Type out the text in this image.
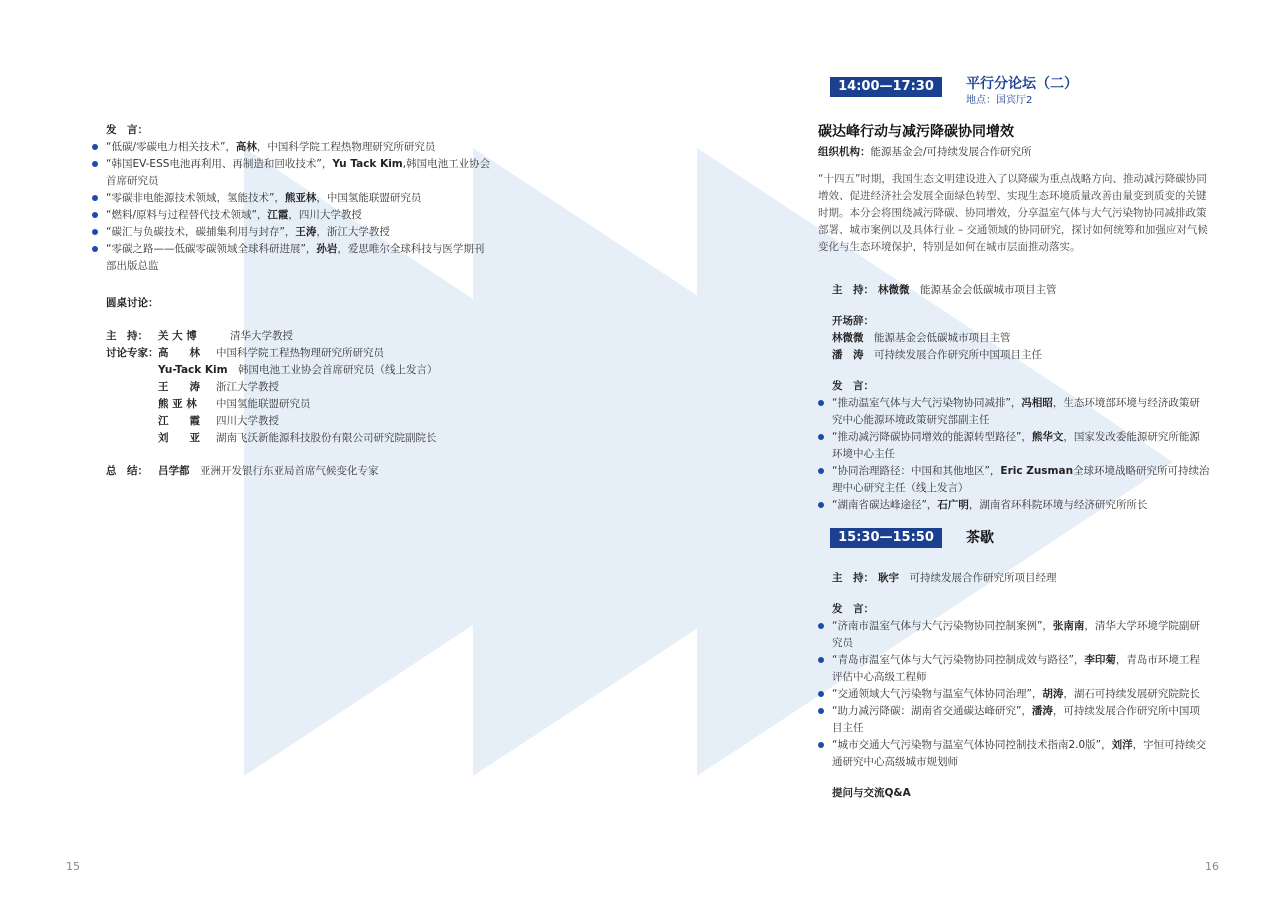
发　言：
“低碳/零碳电力相关技术”，高林，中国科学院工程热物理研究所研究员
“韩国EV-ESS电池再利用、再制造和回收技术”，Yu Tack Kim,韩国电池工业协会首席研究员
“零碳非电能源技术领域，氢能技术”，熊亚林，中国氢能联盟研究员
“燃料/原料与过程替代技术领域”，江霞，四川大学教授
“碳汇与负碳技术，碳捕集利用与封存”，王涛，浙江大学教授
“零碳之路——低碳零碳领域全球科研进展”，孙岩，爱思唯尔全球科技与医学期刊部出版总监
圆桌讨论：
主　持： 关 大 博	清华大学教授
讨论专家：高　　林 中国科学院工程热物理研究所研究员
Yu-Tack Kim 韩国电池工业协会首席研究员（线上发言）
王　　涛 浙江大学教授
熊 亚 林 中国氢能联盟研究员
江　　霞 四川大学教授
刘　　亚 湖南飞沃新能源科技股份有限公司研究院副院长
总　结： 吕学都　 亚洲开发银行东亚局首席气候变化专家
14:00—17:30	平行分论坛（二）
地点：国宾厅2
碳达峰行动与减污降碳协同增效
组织机构：能源基金会/可持续发展合作研究所
“十四五”时期，我国生态文明建设进入了以降碳为重点战略方向、推动减污降碳协同增效、促进经济社会发展全面绿色转型、实现生态环境质量改善由量变到质变的关键时期。本分会将围绕减污降碳、协同增效，分享温室气体与大气污染物协同减排政策部署、城市案例以及具体行业 – 交通领域的协同研究，探讨如何统筹和加强应对气候变化与生态环境保护，特别是如何在城市层面推动落实。
主　持： 林微微　 能源基金会低碳城市项目主管
开场辞：
林微微　 能源基金会低碳城市项目主管
潘　涛　 可持续发展合作研究所中国项目主任
发　言：
“推动温室气体与大气污染物协同减排”，冯相昭，生态环境部环境与经济政策研究中心能源环境政策研究部副主任
“推动减污降碳协同增效的能源转型路径”，熊华文，国家发改委能源研究所能源环境中心主任
“协同治理路径：中国和其他地区”，Eric Zusman全球环境战略研究所可持续治理中心研究主任（线上发言）
“湖南省碳达峰途径”，石广明，湖南省环科院环境与经济研究所所长
15:30—15:50	茶歇
主　持： 耿宇　 可持续发展合作研究所项目经理
发　言：
“济南市温室气体与大气污染物协同控制案例”，张南南，清华大学环境学院副研究员
“青岛市温室气体与大气污染物协同控制成效与路径”，李印菊，青岛市环境工程评估中心高级工程师
“交通领域大气污染物与温室气体协同治理”，胡涛，湖石可持续发展研究院院长
“助力减污降碳：湖南省交通碳达峰研究”，潘涛，可持续发展合作研究所中国项目主任
“城市交通大气污染物与温室气体协同控制技术指南2.0版”，刘洋，宇恒可持续交通研究中心高级城市规划师
提问与交流Q&A
15	16
